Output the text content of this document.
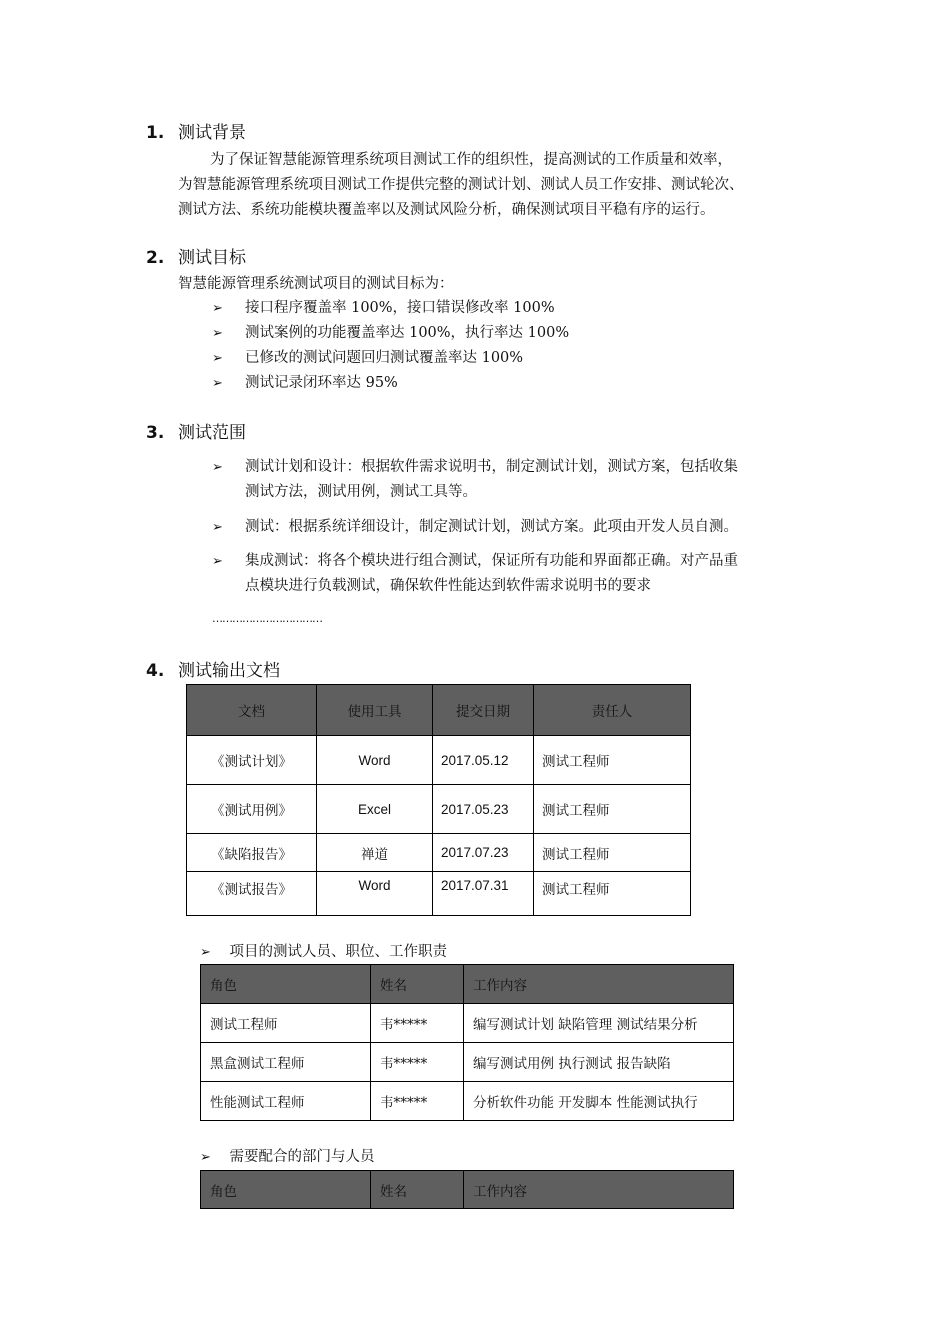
1. 测试背景
为了保证智慧能源管理系统项目测试工作的组织性，提高测试的工作质量和效率，
为智慧能源管理系统项目测试工作提供完整的测试计划、测试人员工作安排、测试轮次、
测试方法、系统功能模块覆盖率以及测试风险分析，确保测试项目平稳有序的运行。
2. 测试目标
智慧能源管理系统测试项目的测试目标为：
➢ 接口程序覆盖率 100%，接口错误修改率 100%
➢ 测试案例的功能覆盖率达 100%，执行率达 100%
➢ 已修改的测试问题回归测试覆盖率达 100%
➢ 测试记录闭环率达 95%
3. 测试范围
➢ 测试计划和设计：根据软件需求说明书，制定测试计划，测试方案，包括收集
测试方法，测试用例，测试工具等。
➢ 测试：根据系统详细设计，制定测试计划，测试方案。此项由开发人员自测。
➢ 集成测试：将各个模块进行组合测试，保证所有功能和界面都正确。对产品重
点模块进行负载测试，确保软件性能达到软件需求说明书的要求
……………………………
4. 测试输出文档
文档	使用工具	提交日期	责任人
《测试计划》	Word	2017.05.12	测试工程师
《测试用例》	Excel	2017.05.23	测试工程师
《缺陷报告》	禅道	2017.07.23	测试工程师
《测试报告》	Word	2017.07.31	测试工程师
➢ 项目的测试人员、职位、工作职责
角色	姓名	工作内容
测试工程师	韦*****	编写测试计划 缺陷管理 测试结果分析
黑盒测试工程师	韦*****	编写测试用例 执行测试 报告缺陷
性能测试工程师	韦*****	分析软件功能 开发脚本 性能测试执行
➢ 需要配合的部门与人员
角色	姓名	工作内容
